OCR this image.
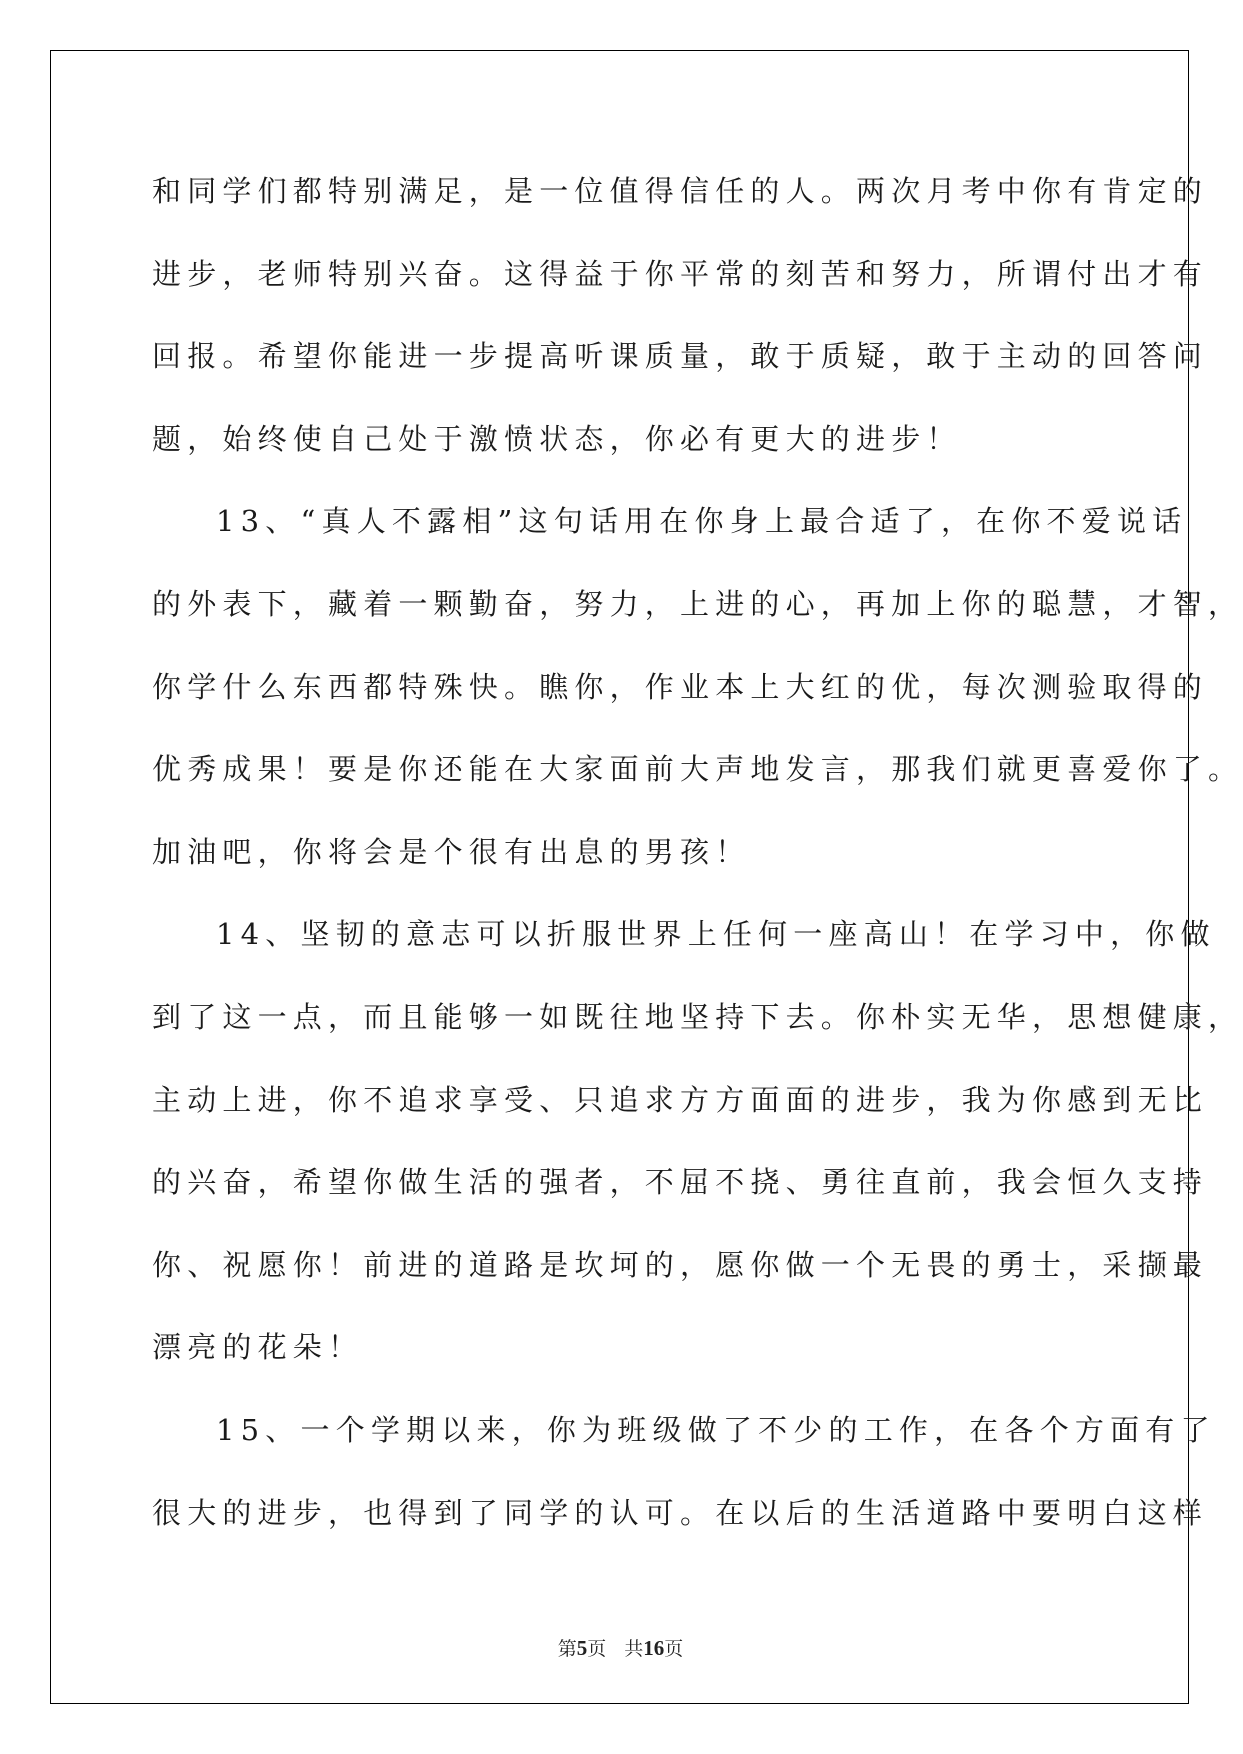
和同学们都特别满足，是一位值得信任的人。两次月考中你有肯定的
进步，老师特别兴奋。这得益于你平常的刻苦和努力，所谓付出才有
回报。希望你能进一步提高听课质量，敢于质疑，敢于主动的回答问
题，始终使自己处于激愤状态，你必有更大的进步！
13、“真人不露相”这句话用在你身上最合适了，在你不爱说话
的外表下，藏着一颗勤奋，努力，上进的心，再加上你的聪慧，才智，
你学什么东西都特殊快。瞧你，作业本上大红的优，每次测验取得的
优秀成果！要是你还能在大家面前大声地发言，那我们就更喜爱你了。
加油吧，你将会是个很有出息的男孩！
14、坚韧的意志可以折服世界上任何一座高山！在学习中，你做
到了这一点，而且能够一如既往地坚持下去。你朴实无华，思想健康，
主动上进，你不追求享受、只追求方方面面的进步，我为你感到无比
的兴奋，希望你做生活的强者，不屈不挠、勇往直前，我会恒久支持
你、祝愿你！前进的道路是坎坷的，愿你做一个无畏的勇士，采撷最
漂亮的花朵！
15、一个学期以来，你为班级做了不少的工作，在各个方面有了
很大的进步，也得到了同学的认可。在以后的生活道路中要明白这样
第5页 共16页
